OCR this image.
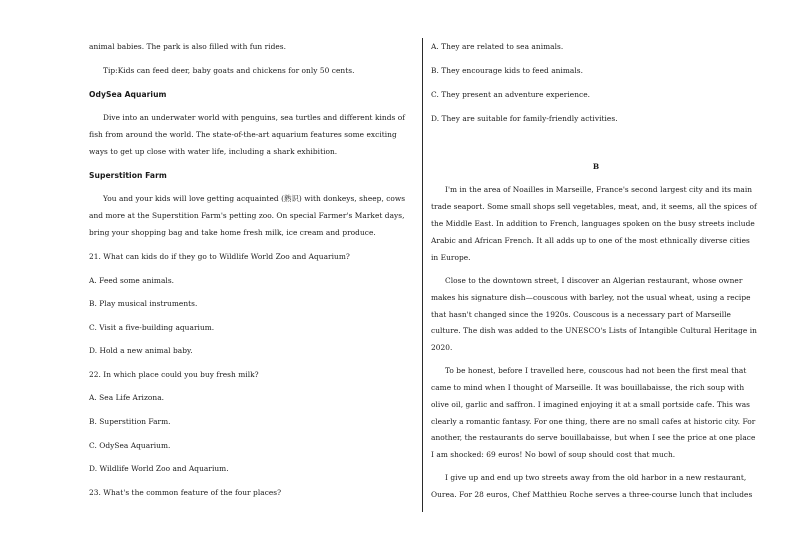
animal babies. The park is also filled with fun rides.
Tip:Kids can feed deer, baby goats and chickens for only 50 cents.
OdySea Aquarium
Dive into an underwater world with penguins, sea turtles and different kinds of
fish from around the world. The state-of-the-art aquarium features some exciting
ways to get up close with water life, including a shark exhibition.
Superstition Farm
You and your kids will love getting acquainted (熟识) with donkeys, sheep, cows
and more at the Superstition Farm's petting zoo. On special Farmer's Market days,
bring your shopping bag and take home fresh milk, ice cream and produce.
21. What can kids do if they go to Wildlife World Zoo and Aquarium?
A. Feed some animals.
B. Play musical instruments.
C. Visit a five-building aquarium.
D. Hold a new animal baby.
22. In which place could you buy fresh milk?
A. Sea Life Arizona.
B. Superstition Farm.
C. OdySea Aquarium.
D. Wildlife World Zoo and Aquarium.
23. What's the common feature of the four places?
A. They are related to sea animals.
B. They encourage kids to feed animals.
C. They present an adventure experience.
D. They are suitable for family-friendly activities.
B
I'm in the area of Noailles in Marseille, France's second largest city and its main
trade seaport. Some small shops sell vegetables, meat, and, it seems, all the spices of
the Middle East. In addition to French, languages spoken on the busy streets include
Arabic and African French. It all adds up to one of the most ethnically diverse cities
in Europe.
Close to the downtown street, I discover an Algerian restaurant, whose owner
makes his signature dish—couscous with barley, not the usual wheat, using a recipe
that hasn't changed since the 1920s. Couscous is a necessary part of Marseille
culture. The dish was added to the UNESCO's Lists of Intangible Cultural Heritage in
2020.
To be honest, before I travelled here, couscous had not been the first meal that
came to mind when I thought of Marseille. It was bouillabaisse, the rich soup with
olive oil, garlic and saffron. I imagined enjoying it at a small portside cafe. This was
clearly a romantic fantasy. For one thing, there are no small cafes at historic city. For
another, the restaurants do serve bouillabaisse, but when I see the price at one place
I am shocked: 69 euros! No bowl of soup should cost that much.
I give up and end up two streets away from the old harbor in a new restaurant,
Ourea. For 28 euros, Chef Matthieu Roche serves a three-course lunch that includes
